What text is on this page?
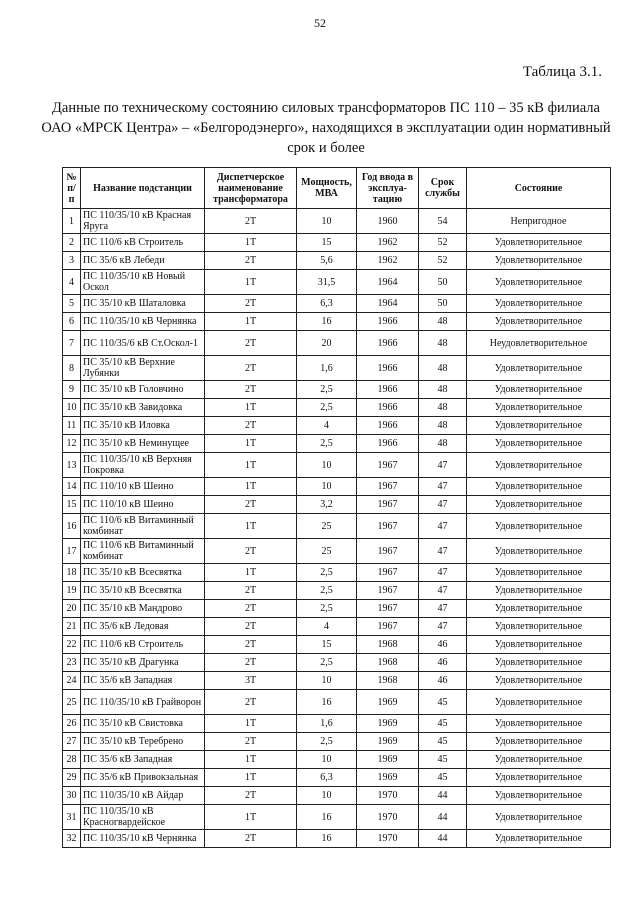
52
Таблица 3.1.
Данные по техническому состоянию силовых трансформаторов ПС 110 – 35 кВ филиала ОАО «МРСК Центра» – «Белгородэнерго», находящихся в эксплуатации один нормативный срок и более
№ п/п	Название подстанции	Диспетчерское наименование трансформатора	Мощность, МВА	Год ввода в эксплуа-тацию	Срок службы	Состояние
1	ПС 110/35/10 кВ Красная Яруга	2Т	10	1960	54	Непригодное
2	ПС 110/6 кВ Строитель	1Т	15	1962	52	Удовлетворительное
3	ПС 35/6 кВ Лебеди	2Т	5,6	1962	52	Удовлетворительное
4	ПС 110/35/10 кВ Новый Оскол	1Т	31,5	1964	50	Удовлетворительное
5	ПС 35/10 кВ Шаталовка	2Т	6,3	1964	50	Удовлетворительное
6	ПС 110/35/10 кВ Чернянка	1Т	16	1966	48	Удовлетворительное
7	ПС 110/35/6 кВ Ст.Оскол-1	2Т	20	1966	48	Неудовлетворительное
8	ПС 35/10 кВ Верхние Лубянки	2Т	1,6	1966	48	Удовлетворительное
9	ПС 35/10 кВ Головчино	2Т	2,5	1966	48	Удовлетворительное
10	ПС 35/10 кВ Завидовка	1Т	2,5	1966	48	Удовлетворительное
11	ПС 35/10 кВ Иловка	2Т	4	1966	48	Удовлетворительное
12	ПС 35/10 кВ Неминущее	1Т	2,5	1966	48	Удовлетворительное
13	ПС 110/35/10 кВ Верхняя Покровка	1Т	10	1967	47	Удовлетворительное
14	ПС 110/10 кВ Шеино	1Т	10	1967	47	Удовлетворительное
15	ПС 110/10 кВ Шеино	2Т	3,2	1967	47	Удовлетворительное
16	ПС 110/6 кВ Витаминный комбинат	1Т	25	1967	47	Удовлетворительное
17	ПС 110/6 кВ Витаминный комбинат	2Т	25	1967	47	Удовлетворительное
18	ПС 35/10 кВ Всесвятка	1Т	2,5	1967	47	Удовлетворительное
19	ПС 35/10 кВ Всесвятка	2Т	2,5	1967	47	Удовлетворительное
20	ПС 35/10 кВ Мандрово	2Т	2,5	1967	47	Удовлетворительное
21	ПС 35/6 кВ Ледовая	2Т	4	1967	47	Удовлетворительное
22	ПС 110/6 кВ Строитель	2Т	15	1968	46	Удовлетворительное
23	ПС 35/10 кВ Драгунка	2Т	2,5	1968	46	Удовлетворительное
24	ПС 35/6 кВ Западная	3Т	10	1968	46	Удовлетворительное
25	ПС 110/35/10 кВ Грайворон	2Т	16	1969	45	Удовлетворительное
26	ПС 35/10 кВ Свистовка	1Т	1,6	1969	45	Удовлетворительное
27	ПС 35/10 кВ Теребрено	2Т	2,5	1969	45	Удовлетворительное
28	ПС 35/6 кВ Западная	1Т	10	1969	45	Удовлетворительное
29	ПС 35/6 кВ Привокзальная	1Т	6,3	1969	45	Удовлетворительное
30	ПС 110/35/10 кВ Айдар	2Т	10	1970	44	Удовлетворительное
31	ПС 110/35/10 кВ Красногвардейское	1Т	16	1970	44	Удовлетворительное
32	ПС 110/35/10 кВ Чернянка	2Т	16	1970	44	Удовлетворительное
